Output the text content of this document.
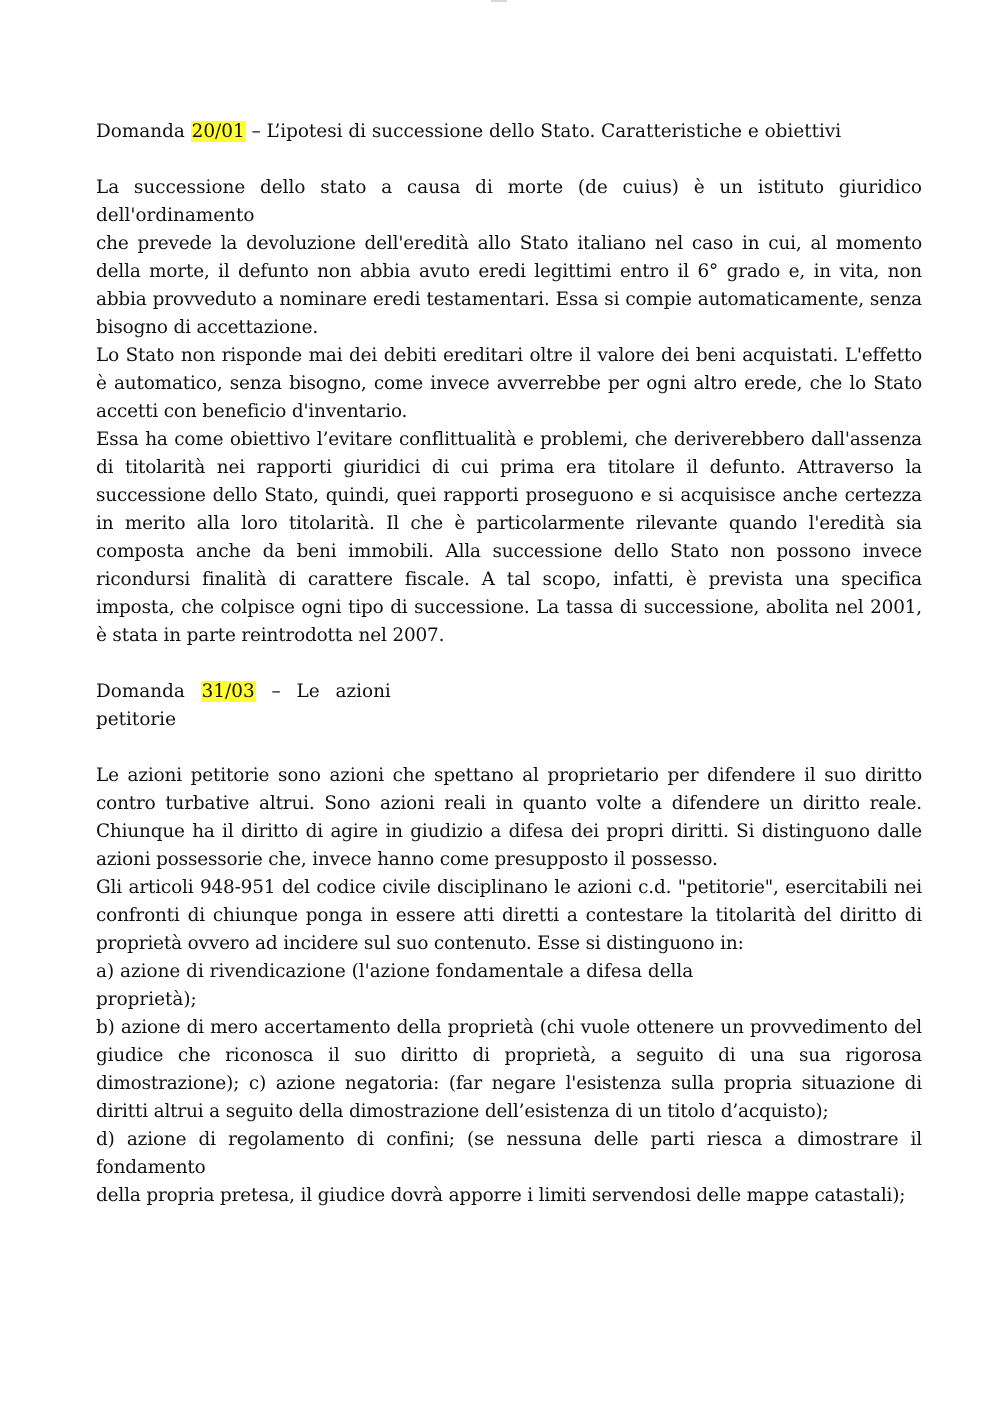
Domanda 20/01 – L’ipotesi di successione dello Stato. Caratteristiche e obiettivi

La successione dello stato a causa di morte (de cuius) è un istituto giuridico dell'ordinamento

che prevede la devoluzione dell'eredità allo Stato italiano nel caso in cui, al momento della morte, il defunto non abbia avuto eredi legittimi entro il 6° grado e, in vita, non abbia provveduto a nominare eredi testamentari. Essa si compie automaticamente, senza bisogno di accettazione.

Lo Stato non risponde mai dei debiti ereditari oltre il valore dei beni acquistati. L'effetto è automatico, senza bisogno, come invece avverrebbe per ogni altro erede, che lo Stato accetti con beneficio d'inventario.

Essa ha come obiettivo l’evitare conflittualità e problemi, che deriverebbero dall'assenza di titolarità nei rapporti giuridici di cui prima era titolare il defunto. Attraverso la successione dello Stato, quindi, quei rapporti proseguono e si acquisisce anche certezza in merito alla loro titolarità. Il che è particolarmente rilevante quando l'eredità sia composta anche da beni immobili. Alla successione dello Stato non possono invece ricondursi finalità di carattere fiscale. A tal scopo, infatti, è prevista una specifica imposta, che colpisce ogni tipo di successione. La tassa di successione, abolita nel 2001, è stata in parte reintrodotta nel 2007.

Domanda 31/03 – Le azioni

petitorie

Le azioni petitorie sono azioni che spettano al proprietario per difendere il suo diritto contro turbative altrui. Sono azioni reali in quanto volte a difendere un diritto reale. Chiunque ha il diritto di agire in giudizio a difesa dei propri diritti. Si distinguono dalle azioni possessorie che, invece hanno come presupposto il possesso.

Gli articoli 948-951 del codice civile disciplinano le azioni c.d. "petitorie", esercitabili nei confronti di chiunque ponga in essere atti diretti a contestare la titolarità del diritto di proprietà ovvero ad incidere sul suo contenuto. Esse si distinguono in:

a) azione di rivendicazione (l'azione fondamentale a difesa della

proprietà);

b) azione di mero accertamento della proprietà (chi vuole ottenere un provvedimento del giudice che riconosca il suo diritto di proprietà, a seguito di una sua rigorosa dimostrazione); c) azione negatoria: (far negare l'esistenza sulla propria situazione di diritti altrui a seguito della dimostrazione dell’esistenza di un titolo d’acquisto);

d) azione di regolamento di confini; (se nessuna delle parti riesca a dimostrare il fondamento

della propria pretesa, il giudice dovrà apporre i limiti servendosi delle mappe catastali);
